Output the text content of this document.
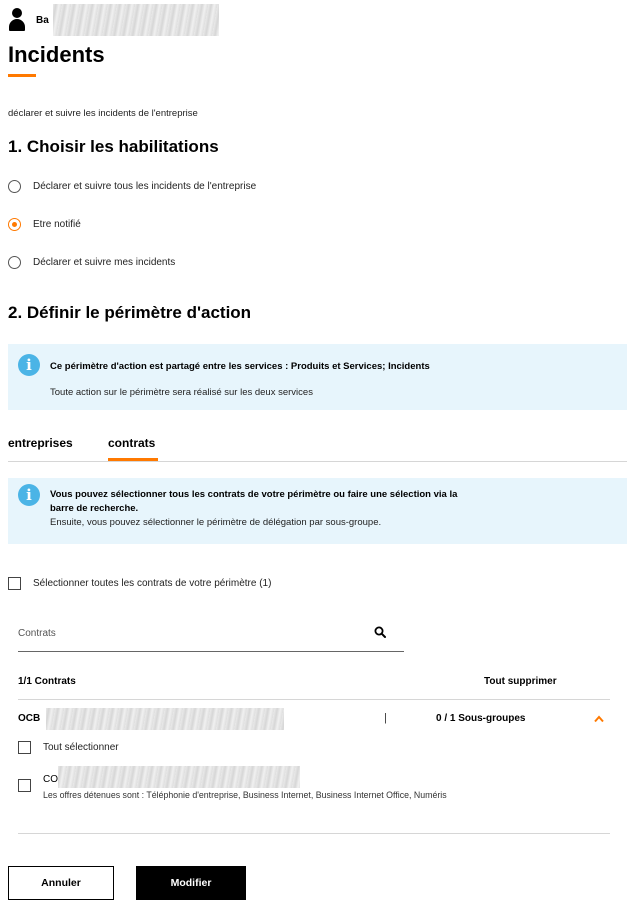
Ba
Incidents

déclarer et suivre les incidents de l'entreprise

1. Choisir les habilitations
Déclarer et suivre tous les incidents de l'entreprise
Etre notifié
Déclarer et suivre mes incidents
2. Définir le périmètre d'action
i	Ce périmètre d'action est partagé entre les services : Produits et Services; Incidents
Toute action sur le périmètre sera réalisé sur les deux services
entreprises	contrats
i	Vous pouvez sélectionner tous les contrats de votre périmètre ou faire une sélection via la
barre de recherche.
Ensuite, vous pouvez sélectionner le périmètre de délégation par sous-groupe.
Sélectionner toutes les contrats de votre périmètre (1)
Contrats
1/1 Contrats	Tout supprimer
OCB	|	0 / 1 Sous-groupes
Tout sélectionner
CO
Les offres détenues sont : Téléphonie d'entreprise, Business Internet, Business Internet Office, Numéris
Annuler	Modifier
